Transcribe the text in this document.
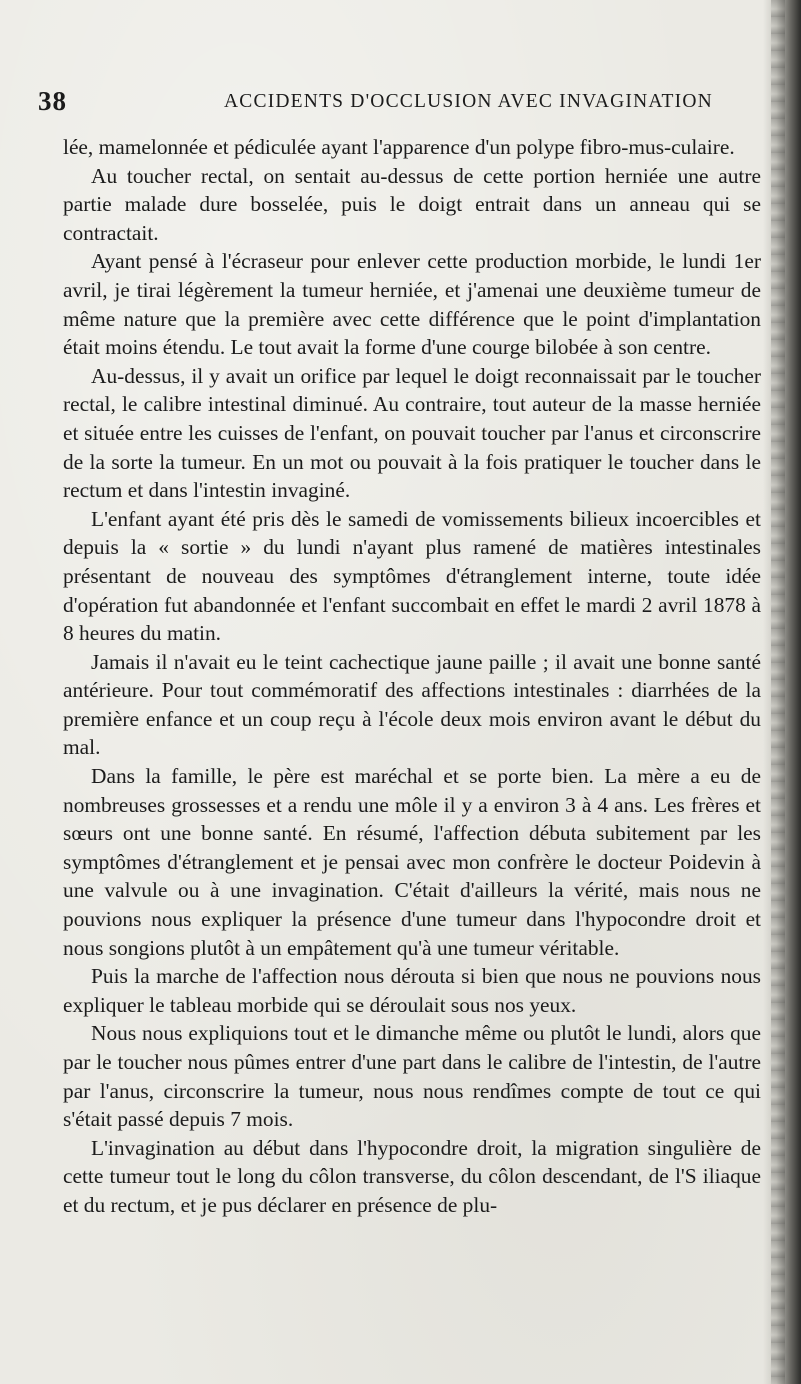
38	ACCIDENTS D'OCCLUSION AVEC INVAGINATION

lée, mamelonnée et pédiculée ayant l'apparence d'un polype fibro-mus-culaire.

Au toucher rectal, on sentait au-dessus de cette portion herniée une autre partie malade dure bosselée, puis le doigt entrait dans un anneau qui se contractait.

Ayant pensé à l'écraseur pour enlever cette production morbide, le lundi 1er avril, je tirai légèrement la tumeur herniée, et j'amenai une deuxième tumeur de même nature que la première avec cette différence que le point d'implantation était moins étendu. Le tout avait la forme d'une courge bilobée à son centre.

Au-dessus, il y avait un orifice par lequel le doigt reconnaissait par le toucher rectal, le calibre intestinal diminué. Au contraire, tout auteur de la masse herniée et située entre les cuisses de l'enfant, on pouvait toucher par l'anus et circonscrire de la sorte la tumeur. En un mot ou pouvait à la fois pratiquer le toucher dans le rectum et dans l'intestin invaginé.

L'enfant ayant été pris dès le samedi de vomissements bilieux incoercibles et depuis la « sortie » du lundi n'ayant plus ramené de matières intestinales présentant de nouveau des symptômes d'étranglement interne, toute idée d'opération fut abandonnée et l'enfant succombait en effet le mardi 2 avril 1878 à 8 heures du matin.

Jamais il n'avait eu le teint cachectique jaune paille ; il avait une bonne santé antérieure. Pour tout commémoratif des affections intestinales : diarrhées de la première enfance et un coup reçu à l'école deux mois environ avant le début du mal.

Dans la famille, le père est maréchal et se porte bien. La mère a eu de nombreuses grossesses et a rendu une môle il y a environ 3 à 4 ans. Les frères et sœurs ont une bonne santé. En résumé, l'affection débuta subitement par les symptômes d'étranglement et je pensai avec mon confrère le docteur Poidevin à une valvule ou à une invagination. C'était d'ailleurs la vérité, mais nous ne pouvions nous expliquer la présence d'une tumeur dans l'hypocondre droit et nous songions plutôt à un empâtement qu'à une tumeur véritable.

Puis la marche de l'affection nous dérouta si bien que nous ne pouvions nous expliquer le tableau morbide qui se déroulait sous nos yeux.

Nous nous expliquions tout et le dimanche même ou plutôt le lundi, alors que par le toucher nous pûmes entrer d'une part dans le calibre de l'intestin, de l'autre par l'anus, circonscrire la tumeur, nous nous rendîmes compte de tout ce qui s'était passé depuis 7 mois.

L'invagination au début dans l'hypocondre droit, la migration singulière de cette tumeur tout le long du côlon transverse, du côlon descendant, de l'S iliaque et du rectum, et je pus déclarer en présence de plu-
